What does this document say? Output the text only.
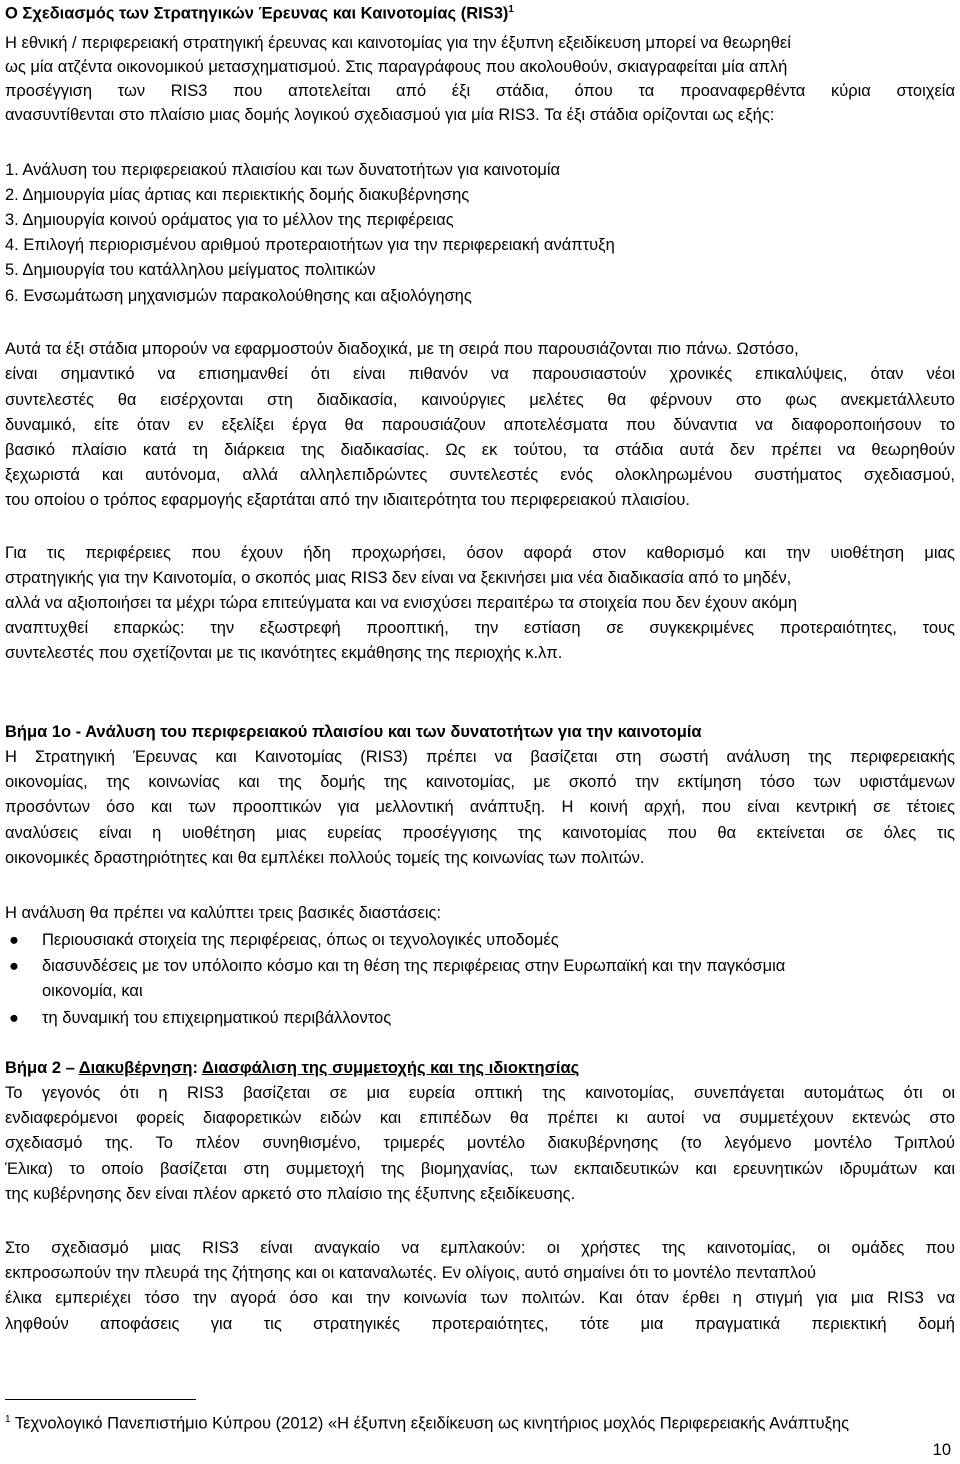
Ο Σχεδιασμός των Στρατηγικών Έρευνας και Καινοτομίας $(RIS3)^1$
Η εθνική / περιφερειακή στρατηγική έρευνας και καινοτομίας για την έξυπνη εξειδίκευση μπορεί να θεωρηθεί
ως μία ατζέντα οικονομικού μετασχηματισμού. Στις παραγράφους που ακολουθούν, σκιαγραφείται μία απλή
προσέγγιση των RIS3 που αποτελείται από έξι στάδια, όπου τα προαναφερθέντα κύρια στοιχεία
ανασυντίθενται στο πλαίσιο μιας δομής λογικού σχεδιασμού για μία RIS3. Τα έξι στάδια ορίζονται ως εξής:
1. Ανάλυση του περιφερειακού πλαισίου και των δυνατοτήτων για καινοτομία
2. Δημιουργία μίας άρτιας και περιεκτικής δομής διακυβέρνησης
3. Δημιουργία κοινού οράματος για το μέλλον της περιφέρειας
4. Επιλογή περιορισμένου αριθμού προτεραιοτήτων για την περιφερειακή ανάπτυξη
5. Δημιουργία του κατάλληλου μείγματος πολιτικών
6. Ενσωμάτωση μηχανισμών παρακολούθησης και αξιολόγησης
Αυτά τα έξι στάδια μπορούν να εφαρμοστούν διαδοχικά, με τη σειρά που παρουσιάζονται πιο πάνω. Ωστόσο,
είναι σημαντικό να επισημανθεί ότι είναι πιθανόν να παρουσιαστούν χρονικές επικαλύψεις, όταν νέοι
συντελεστές θα εισέρχονται στη διαδικασία, καινούργιες μελέτες θα φέρνουν στο φως ανεκμετάλλευτο
δυναμικό, είτε όταν εν εξελίξει έργα θα παρουσιάζουν αποτελέσματα που δύναντια να διαφοροποιήσουν το
βασικό πλαίσιο κατά τη διάρκεια της διαδικασίας. Ως εκ τούτου, τα στάδια αυτά δεν πρέπει να θεωρηθούν
ξεχωριστά και αυτόνομα, αλλά αλληλεπιδρώντες συντελεστές ενός ολοκληρωμένου συστήματος σχεδιασμού,
του οποίου ο τρόπος εφαρμογής εξαρτάται από την ιδιαιτερότητα του περιφερειακού πλαισίου.
Για τις περιφέρειες που έχουν ήδη προχωρήσει, όσον αφορά στον καθορισμό και την υιοθέτηση μιας
στρατηγικής για την Καινοτομία, ο σκοπός μιας RIS3 δεν είναι να ξεκινήσει μια νέα διαδικασία από το μηδέν,
αλλά να αξιοποιήσει τα μέχρι τώρα επιτεύγματα και να ενισχύσει περαιτέρω τα στοιχεία που δεν έχουν ακόμη
αναπτυχθεί επαρκώς: την εξωστρεφή προοπτική, την εστίαση σε συγκεκριμένες προτεραιότητες, τους
συντελεστές που σχετίζονται με τις ικανότητες εκμάθησης της περιοχής κ.λπ.
Βήμα 1ο - Ανάλυση του περιφερειακού πλαισίου και των δυνατοτήτων για την καινοτομία
Η Στρατηγική Έρευνας και Καινοτομίας (RIS3) πρέπει να βασίζεται στη σωστή ανάλυση της περιφερειακής
οικονομίας, της κοινωνίας και της δομής της καινοτομίας, με σκοπό την εκτίμηση τόσο των υφιστάμενων
προσόντων όσο και των προοπτικών για μελλοντική ανάπτυξη. Η κοινή αρχή, που είναι κεντρική σε τέτοιες
αναλύσεις είναι η υιοθέτηση μιας ευρείας προσέγγισης της καινοτομίας που θα εκτείνεται σε όλες τις
οικονομικές δραστηριότητες και θα εμπλέκει πολλούς τομείς της κοινωνίας των πολιτών.
Η ανάλυση θα πρέπει να καλύπτει τρεις βασικές διαστάσεις:
● Περιουσιακά στοιχεία της περιφέρειας, όπως οι τεχνολογικές υποδομές
● διασυνδέσεις με τον υπόλοιπο κόσμο και τη θέση της περιφέρειας στην Ευρωπαϊκή και την παγκόσμια
οικονομία, και
● τη δυναμική του επιχειρηματικού περιβάλλοντος
Βήμα 2 – Διακυβέρνηση: Διασφάλιση της συμμετοχής και της ιδιοκτησίας
Το γεγονός ότι η RIS3 βασίζεται σε μια ευρεία οπτική της καινοτομίας, συνεπάγεται αυτομάτως ότι οι
ενδιαφερόμενοι φορείς διαφορετικών ειδών και επιπέδων θα πρέπει κι αυτοί να συμμετέχουν εκτενώς στο
σχεδιασμό της. Το πλέον συνηθισμένο, τριμερές μοντέλο διακυβέρνησης (το λεγόμενο μοντέλο Τριπλού
Έλικα) το οποίο βασίζεται στη συμμετοχή της βιομηχανίας, των εκπαιδευτικών και ερευνητικών ιδρυμάτων και
της κυβέρνησης δεν είναι πλέον αρκετό στο πλαίσιο της έξυπνης εξειδίκευσης.
Στο σχεδιασμό μιας RIS3 είναι αναγκαίο να εμπλακούν: οι χρήστες της καινοτομίας, οι ομάδες που
εκπροσωπούν την πλευρά της ζήτησης και οι καταναλωτές. Εν ολίγοις, αυτό σημαίνει ότι το μοντέλο πενταπλού
έλικα εμπεριέχει τόσο την αγορά όσο και την κοινωνία των πολιτών. Και όταν έρθει η στιγμή για μια RIS3 να
ληφθούν αποφάσεις για τις στρατηγικές προτεραιότητες, τότε μια πραγματικά περιεκτική δομή
$^1$ Τεχνολογικό Πανεπιστήμιο Κύπρου (2012) «Η έξυπνη εξειδίκευση ως κινητήριος μοχλός Περιφερειακής Ανάπτυξης
10
